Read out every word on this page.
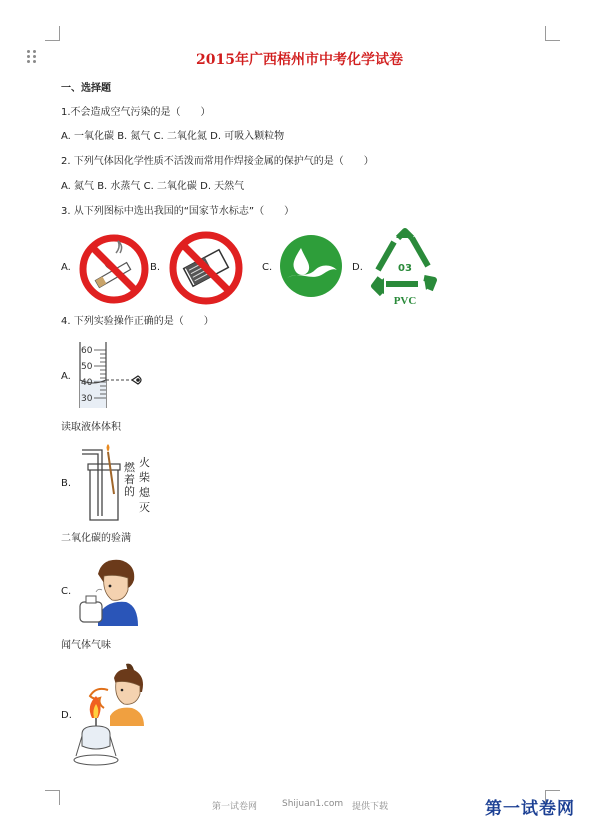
2015年广西梧州市中考化学试卷
一、选择题
1.不会造成空气污染的是（　　）
A. 一氧化碳 B. 氮气 C. 二氧化氮 D. 可吸入颗粒物
2. 下列气体因化学性质不活泼而常用作焊接金属的保护气的是（　　）
A. 氮气 B. 水蒸气 C. 二氧化碳 D. 天然气
3. 从下列图标中选出我国的“国家节水标志”（　　）
A.	B.	C.	D.	03
PVC
4. 下列实验操作正确的是（　　）
A.
60
50
40
30
读取液体体积
B.
燃着的
火柴熄灭
二氧化碳的验满
C.
闻气体气味
D.
第一试卷网	Shijuan1.com 提供下载	第一试卷网
